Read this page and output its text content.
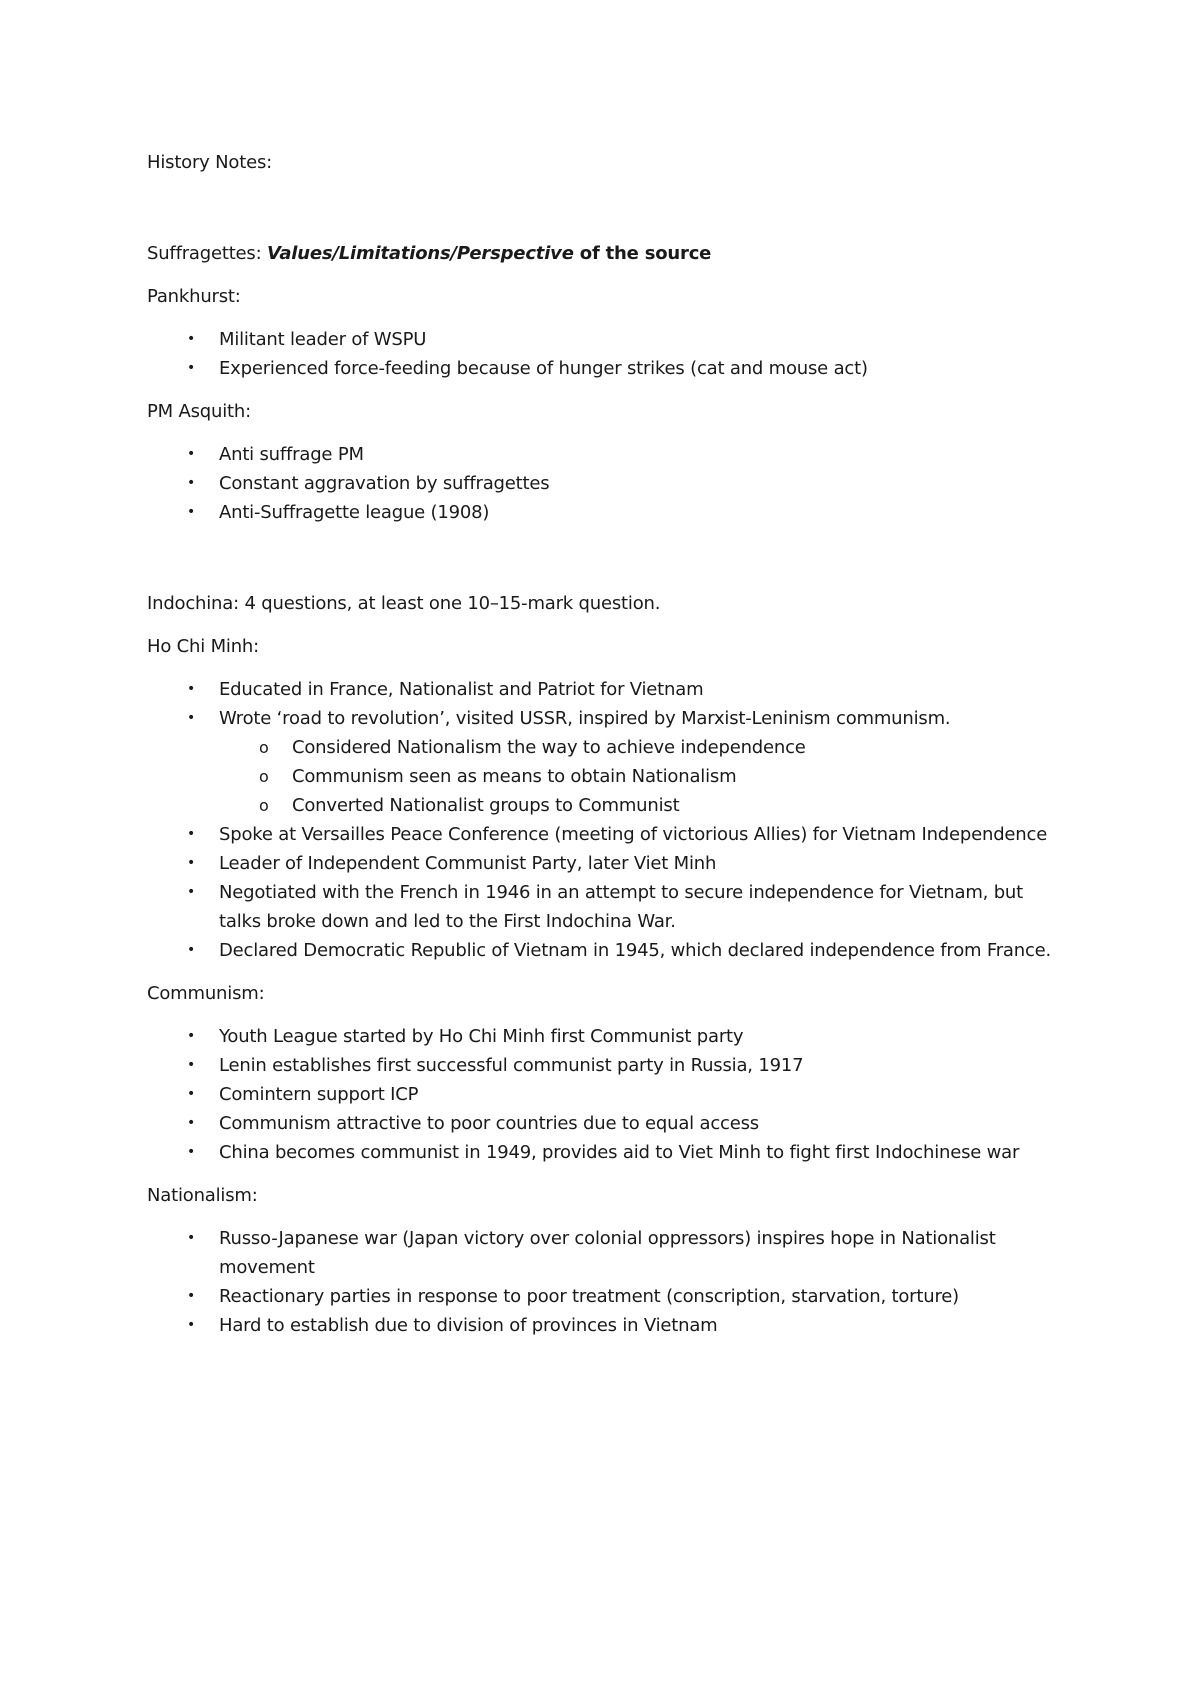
History Notes:

Suffragettes: Values/Limitations/Perspective of the source

Pankhurst:

• Militant leader of WSPU
• Experienced force-feeding because of hunger strikes (cat and mouse act)

PM Asquith:

• Anti suffrage PM
• Constant aggravation by suffragettes
• Anti-Suffragette league (1908)

Indochina: 4 questions, at least one 10–15-mark question.

Ho Chi Minh:

• Educated in France, Nationalist and Patriot for Vietnam
• Wrote ‘road to revolution’, visited USSR, inspired by Marxist-Leninism communism.
o Considered Nationalism the way to achieve independence
o Communism seen as means to obtain Nationalism
o Converted Nationalist groups to Communist
• Spoke at Versailles Peace Conference (meeting of victorious Allies) for Vietnam Independence
• Leader of Independent Communist Party, later Viet Minh
• Negotiated with the French in 1946 in an attempt to secure independence for Vietnam, but talks broke down and led to the First Indochina War.
• Declared Democratic Republic of Vietnam in 1945, which declared independence from France.

Communism:

• Youth League started by Ho Chi Minh first Communist party
• Lenin establishes first successful communist party in Russia, 1917
• Comintern support ICP
• Communism attractive to poor countries due to equal access
• China becomes communist in 1949, provides aid to Viet Minh to fight first Indochinese war

Nationalism:

• Russo-Japanese war (Japan victory over colonial oppressors) inspires hope in Nationalist movement
• Reactionary parties in response to poor treatment (conscription, starvation, torture)
• Hard to establish due to division of provinces in Vietnam
